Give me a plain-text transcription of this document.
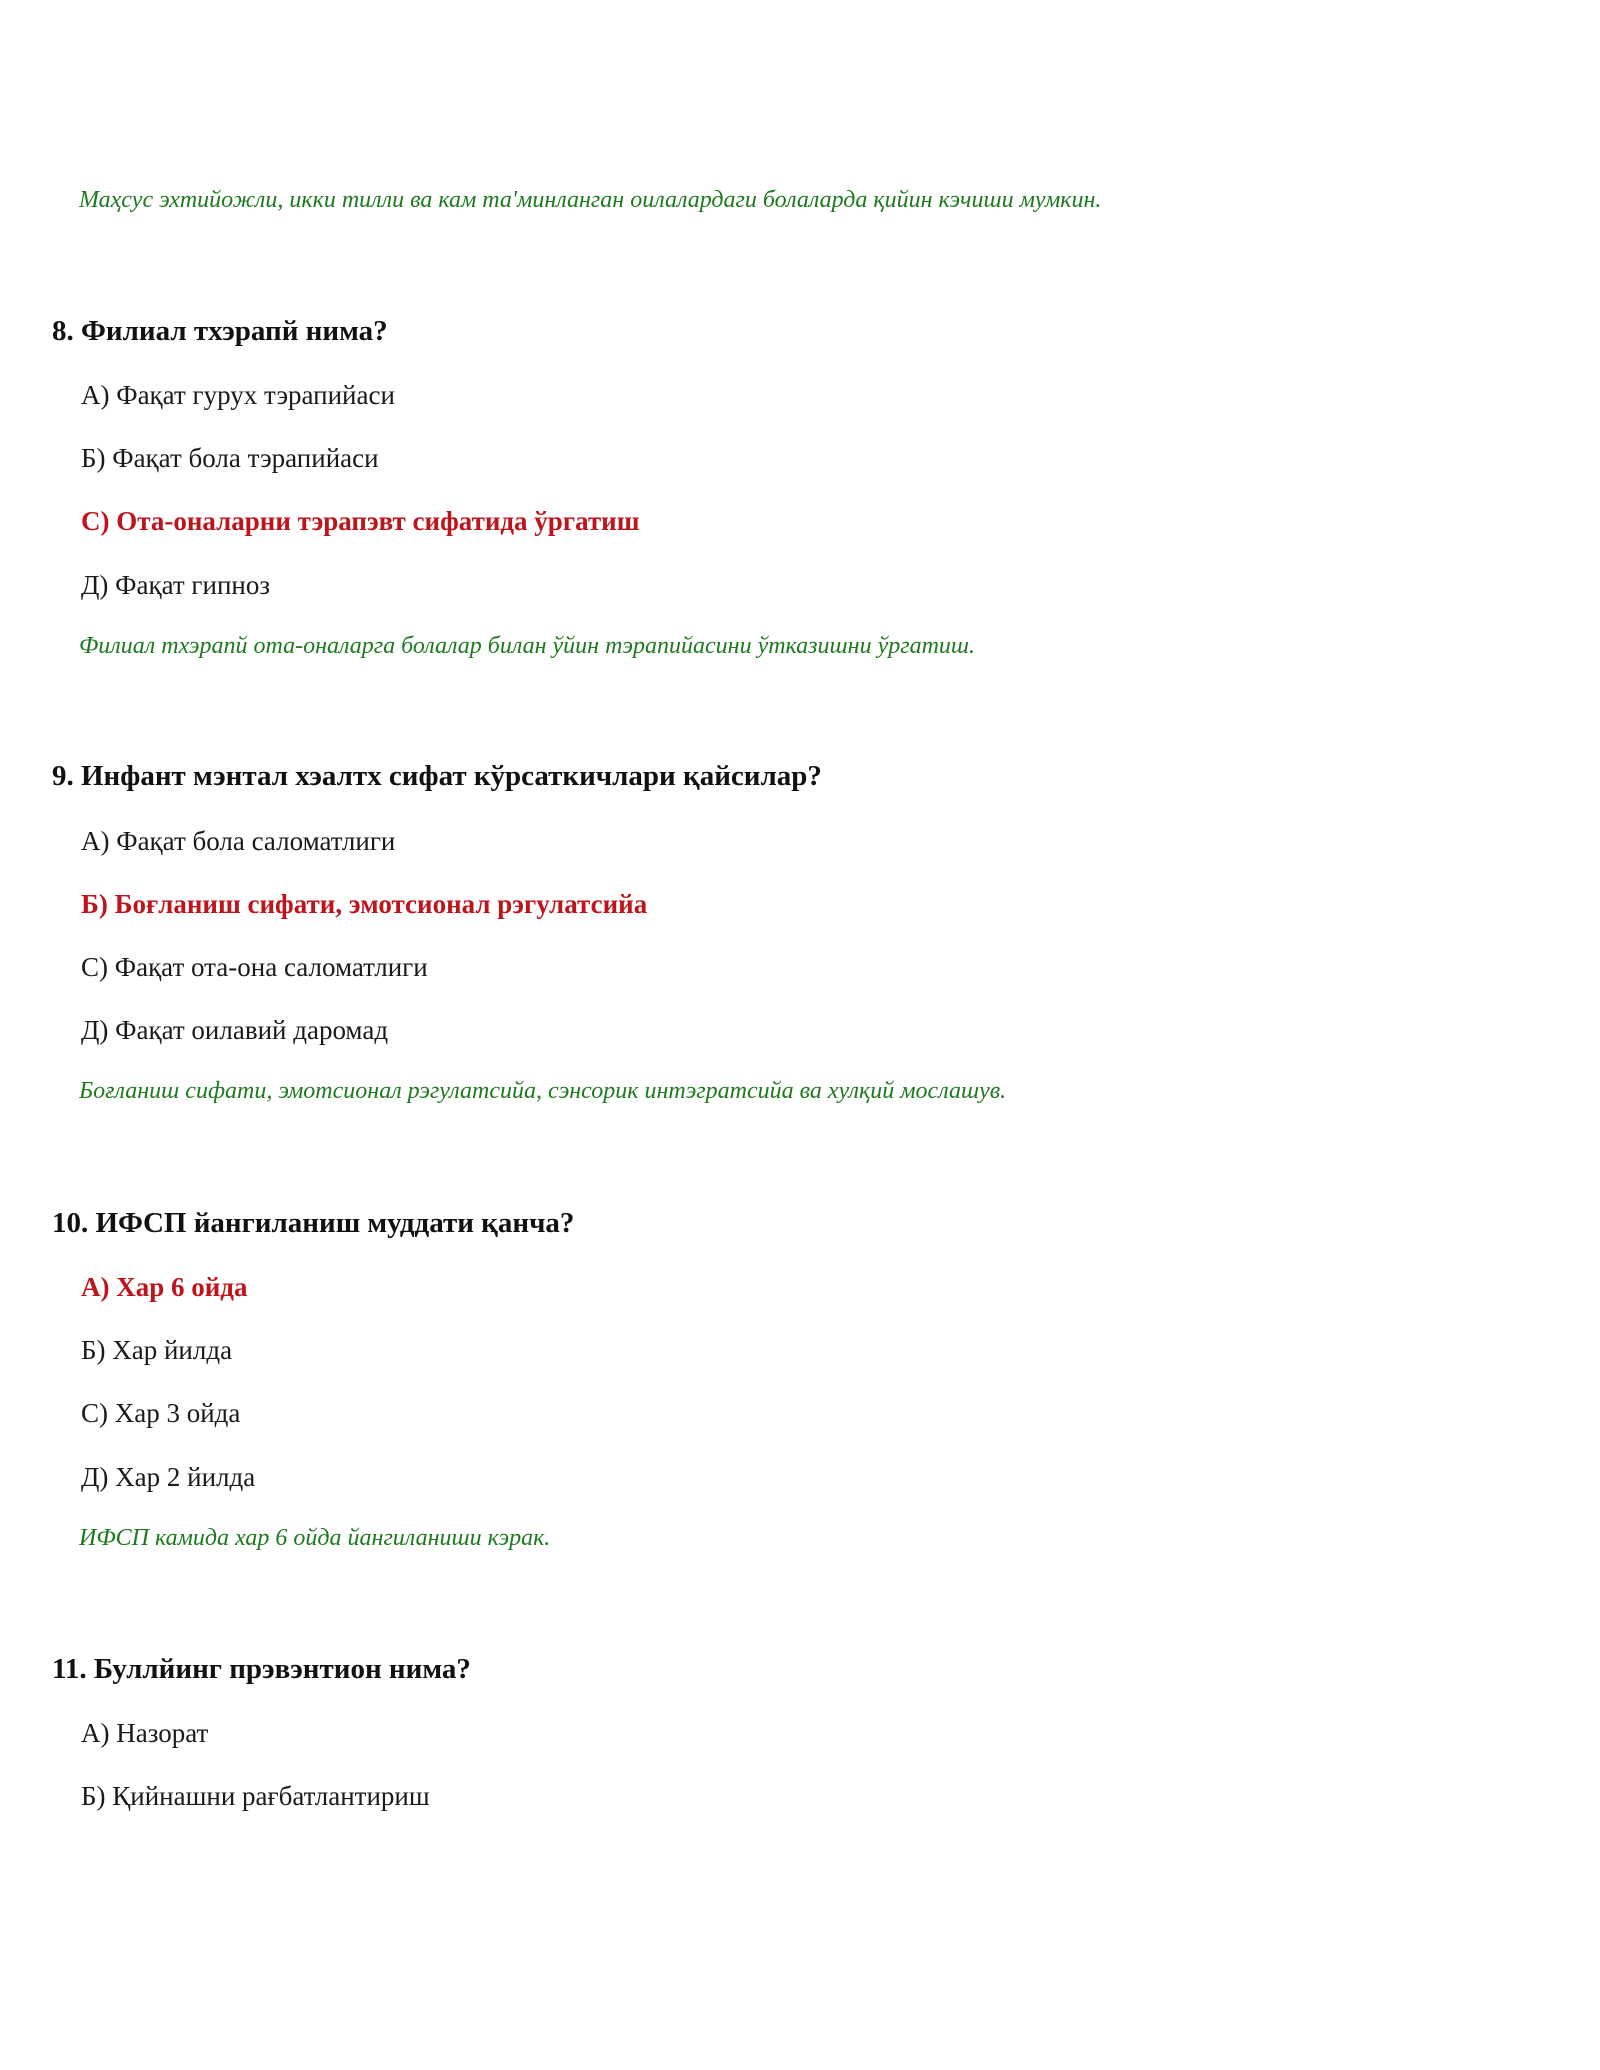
Маҳсус эхтийожли, икки тилли ва кам та'минланган оилалардаги болаларда қийин кэчиши мумкин.
8. Филиал тхэрапй нима?
А) Фақат гурух тэрапийаси
Б) Фақат бола тэрапийаси
С) Ота-оналарни тэрапэвт сифатида ўргатиш
Д) Фақат гипноз
Филиал тхэрапй ота-оналарга болалар билан ўйин тэрапийасини ўтказишни ўргатиш.
9. Инфант мэнтал хэалтх сифат кўрсаткичлари қайсилар?
А) Фақат бола саломатлиги
Б) Боғланиш сифати, эмотсионал рэгулатсийа
С) Фақат ота-она саломатлиги
Д) Фақат оилавий даромад
Боғланиш сифати, эмотсионал рэгулатсийа, сэнсорик интэгратсийа ва хулқий мослашув.
10. ИФСП йангиланиш муддати қанча?
А) Хар 6 ойда
Б) Хар йилда
С) Хар 3 ойда
Д) Хар 2 йилда
ИФСП камида хар 6 ойда йангиланиши кэрак.
11. Буллйинг прэвэнтион нима?
А) Назорат
Б) Қийнашни рағбатлантириш
